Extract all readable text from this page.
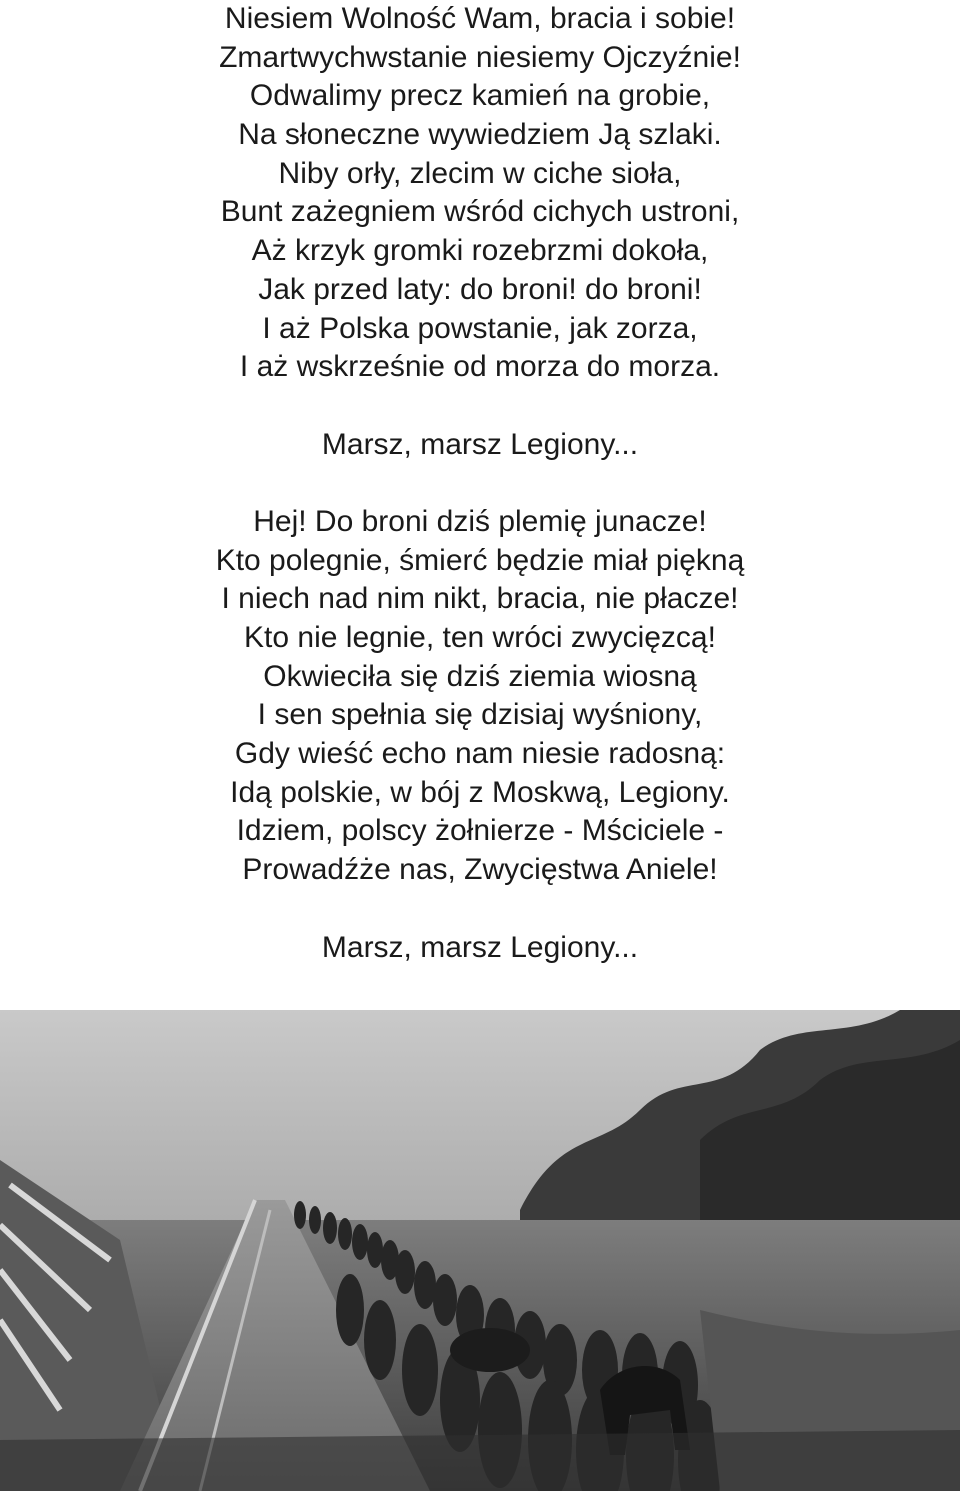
Niesiem Wolność Wam, bracia i sobie!
Zmartwychwstanie niesiemy Ojczyźnie!
Odwalimy precz kamień na grobie,
Na słoneczne wywiedziem Ją szlaki.
Niby orły, zlecim w ciche sioła,
Bunt zażegniem wśród cichych ustroni,
Aż krzyk gromki rozebrzmi dokoła,
Jak przed laty: do broni! do broni!
I aż Polska powstanie, jak zorza,
I aż wskrześnie od morza do morza.
Marsz, marsz Legiony...
Hej! Do broni dziś plemię junacze!
Kto polegnie, śmierć będzie miał piękną
I niech nad nim nikt, bracia, nie płacze!
Kto nie legnie, ten wróci zwycięzcą!
Okwieciła się dziś ziemia wiosną
I sen spełnia się dzisiaj wyśniony,
Gdy wieść echo nam niesie radosną:
Idą polskie, w bój z Moskwą, Legiony.
Idziem, polscy żołnierze - Mściciele -
Prowadźże nas, Zwycięstwa Aniele!
Marsz, marsz Legiony...
